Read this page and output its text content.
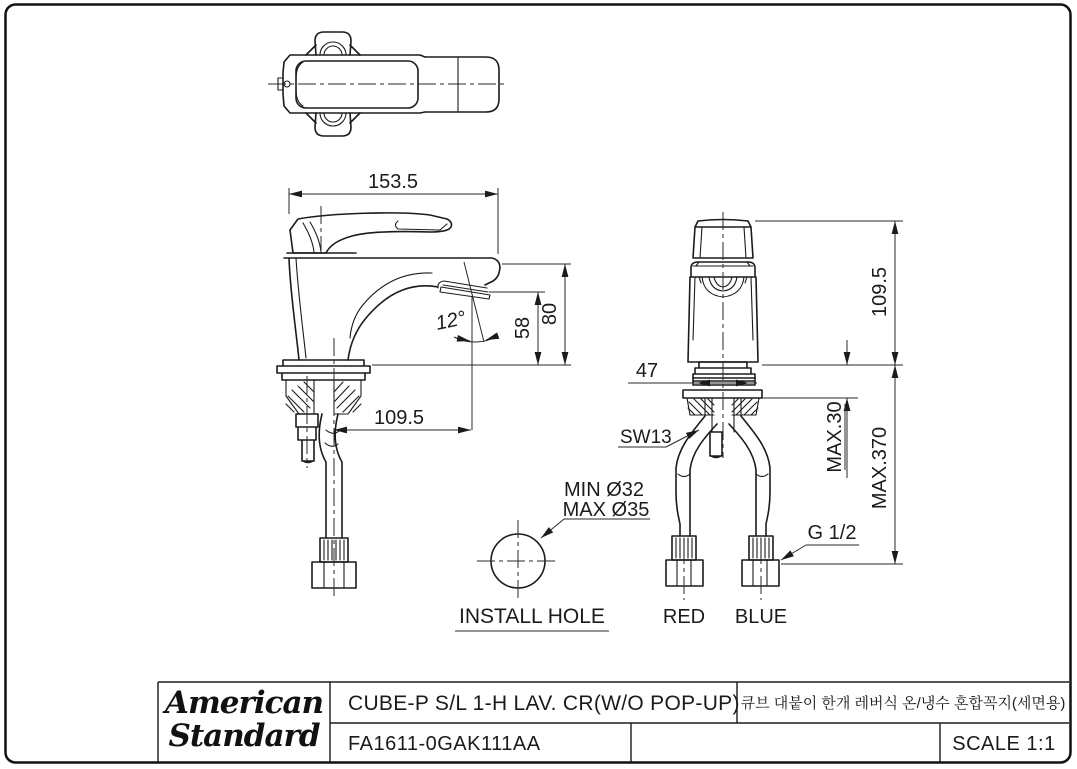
153.5
80
58
12°
109.5
47
109.5
MAX.370
MAX.30
SW13
G 1/2
RED BLUE
MIN Ø32
MAX Ø35
INSTALL HOLE
American
Standard
CUBE-P S/L 1-H LAV. CR(W/O POP-UP) 큐브 대붙이 한개 레버식 온/냉수 혼합꼭지(세면용)
FA1611-0GAK111AA	SCALE 1:1
